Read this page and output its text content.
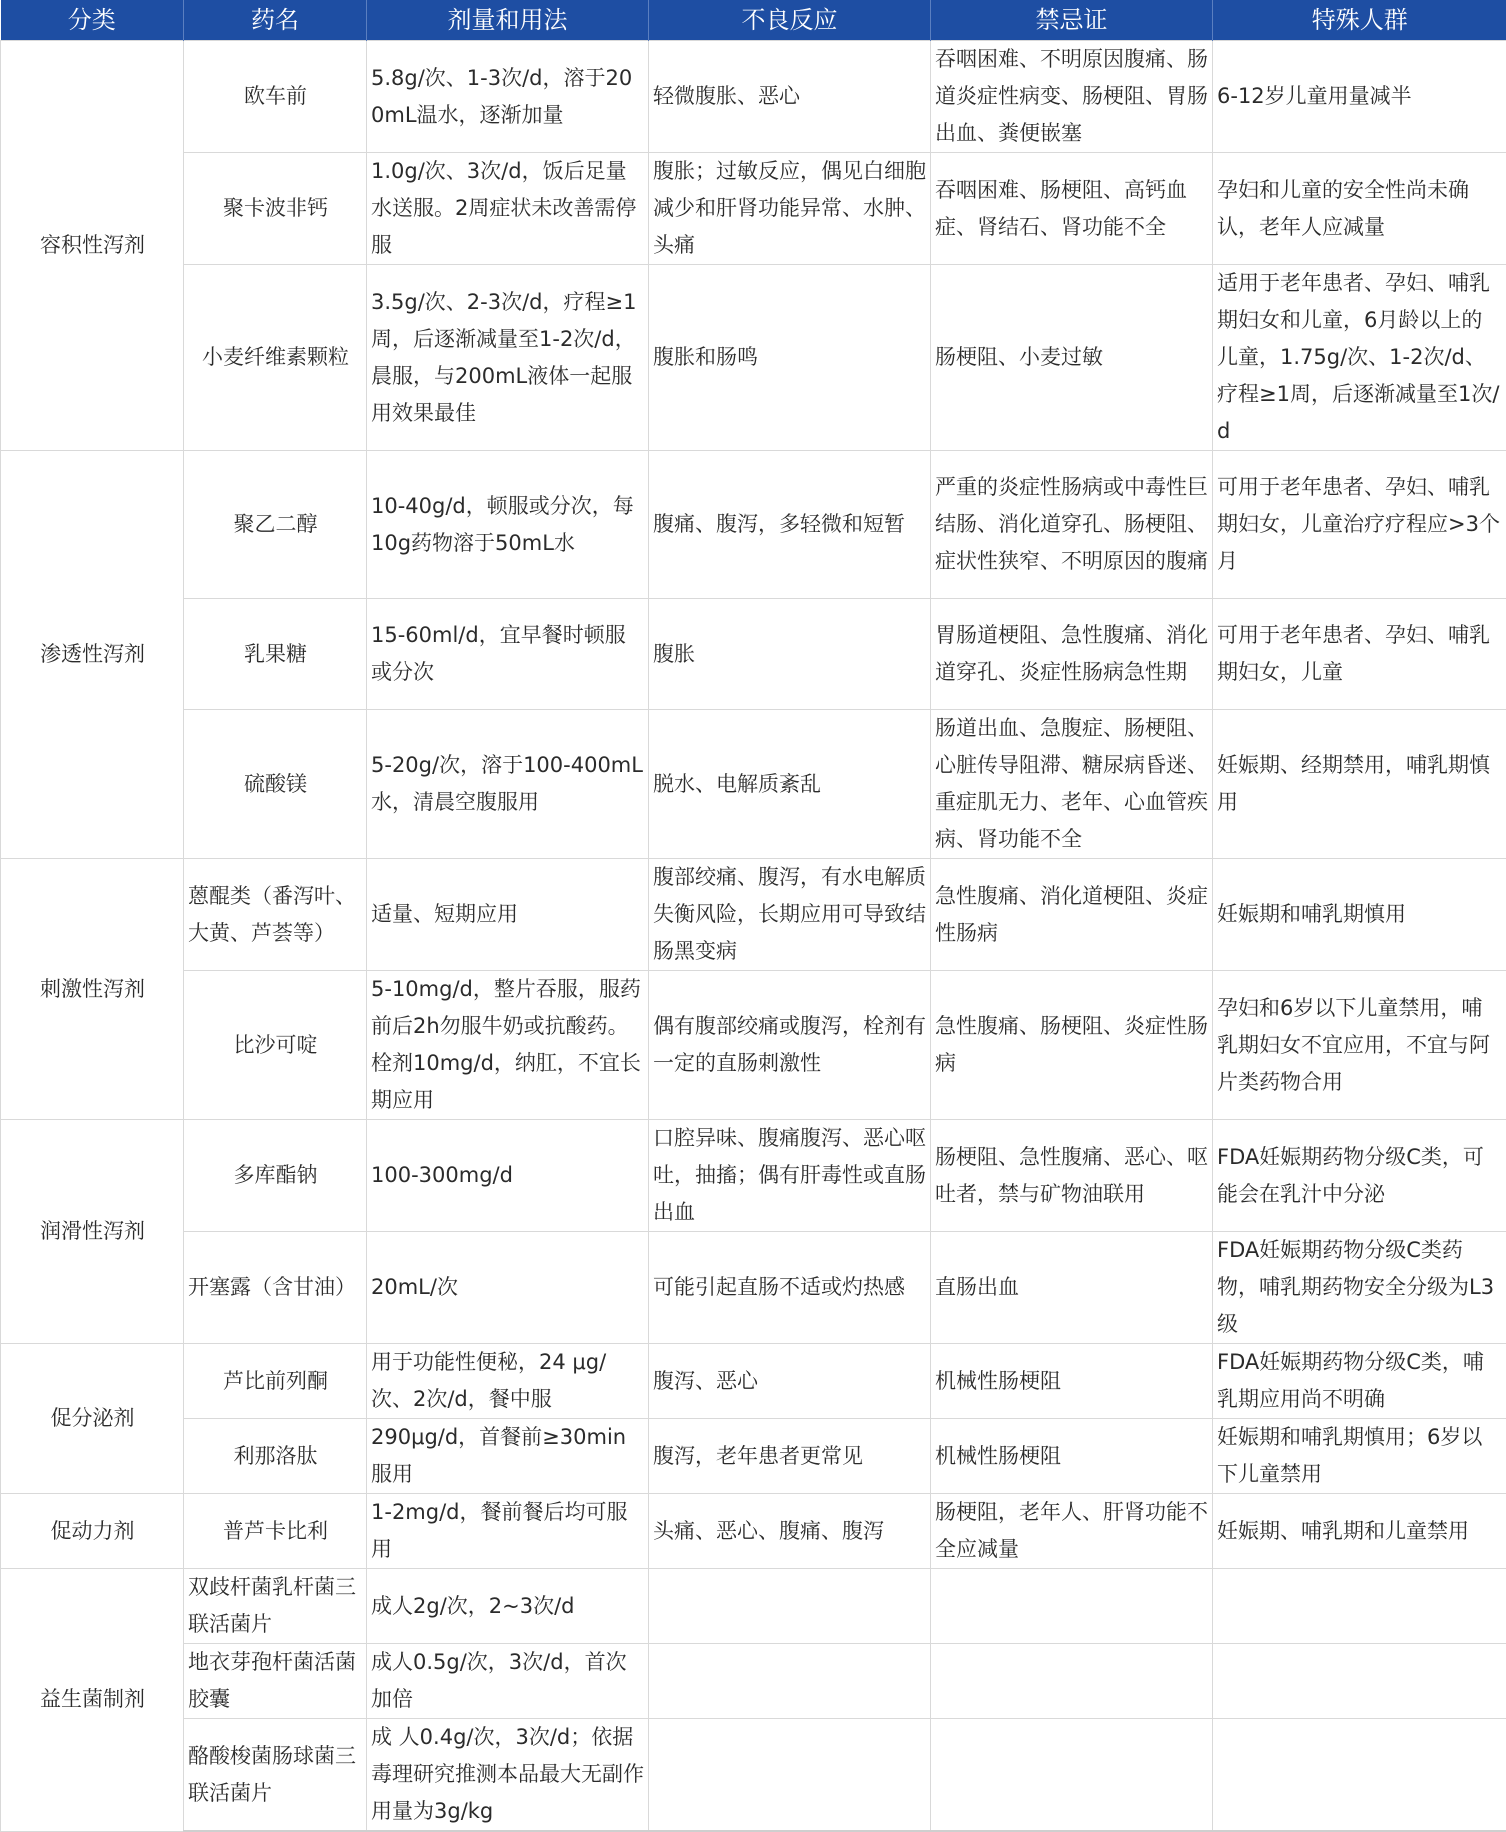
分类	药名	剂量和用法	不良反应	禁忌证	特殊人群
容积性泻剂	欧车前	5.8g/次、1-3次/d，溶于200mL温水，逐渐加量	轻微腹胀、恶心	吞咽困难、不明原因腹痛、肠道炎症性病变、肠梗阻、胃肠出血、粪便嵌塞	6-12岁儿童用量减半
	聚卡波非钙	1.0g/次、3次/d，饭后足量水送服。2周症状未改善需停服	腹胀；过敏反应，偶见白细胞减少和肝肾功能异常、水肿、头痛	吞咽困难、肠梗阻、高钙血症、肾结石、肾功能不全	孕妇和儿童的安全性尚未确认，老年人应减量
	小麦纤维素颗粒	3.5g/次、2-3次/d，疗程≥1周，后逐渐减量至1-2次/d，晨服，与200mL液体一起服用效果最佳	腹胀和肠鸣	肠梗阻、小麦过敏	适用于老年患者、孕妇、哺乳期妇女和儿童，6月龄以上的儿童，1.75g/次、1-2次/d、疗程≥1周，后逐渐减量至1次/d
渗透性泻剂	聚乙二醇	10-40g/d，顿服或分次，每10g药物溶于50mL水	腹痛、腹泻，多轻微和短暂	严重的炎症性肠病或中毒性巨结肠、消化道穿孔、肠梗阻、症状性狭窄、不明原因的腹痛	可用于老年患者、孕妇、哺乳期妇女，儿童治疗疗程应>3个月
	乳果糖	15-60ml/d，宜早餐时顿服或分次	腹胀	胃肠道梗阻、急性腹痛、消化道穿孔、炎症性肠病急性期	可用于老年患者、孕妇、哺乳期妇女，儿童
	硫酸镁	5-20g/次，溶于100-400mL水，清晨空腹服用	脱水、电解质紊乱	肠道出血、急腹症、肠梗阻、心脏传导阻滞、糖尿病昏迷、重症肌无力、老年、心血管疾病、肾功能不全	妊娠期、经期禁用，哺乳期慎用
刺激性泻剂	蒽醌类（番泻叶、大黄、芦荟等）	适量、短期应用	腹部绞痛、腹泻，有水电解质失衡风险，长期应用可导致结肠黑变病	急性腹痛、消化道梗阻、炎症性肠病	妊娠期和哺乳期慎用
	比沙可啶	5-10mg/d，整片吞服，服药前后2h勿服牛奶或抗酸药。栓剂10mg/d，纳肛，不宜长期应用	偶有腹部绞痛或腹泻，栓剂有一定的直肠刺激性	急性腹痛、肠梗阻、炎症性肠病	孕妇和6岁以下儿童禁用，哺乳期妇女不宜应用，不宜与阿片类药物合用
润滑性泻剂	多库酯钠	100-300mg/d	口腔异味、腹痛腹泻、恶心呕吐，抽搐；偶有肝毒性或直肠出血	肠梗阻、急性腹痛、恶心、呕吐者，禁与矿物油联用	FDA妊娠期药物分级C类，可能会在乳汁中分泌
	开塞露（含甘油）	20mL/次	可能引起直肠不适或灼热感	直肠出血	FDA妊娠期药物分级C类药物，哺乳期药物安全分级为L3级
促分泌剂	芦比前列酮	用于功能性便秘，24 μg/次、2次/d，餐中服	腹泻、恶心	机械性肠梗阻	FDA妊娠期药物分级C类，哺乳期应用尚不明确
	利那洛肽	290μg/d，首餐前≥30min服用	腹泻，老年患者更常见	机械性肠梗阻	妊娠期和哺乳期慎用；6岁以下儿童禁用
促动力剂	普芦卡比利	1-2mg/d，餐前餐后均可服用	头痛、恶心、腹痛、腹泻	肠梗阻，老年人、肝肾功能不全应减量	妊娠期、哺乳期和儿童禁用
益生菌制剂	双歧杆菌乳杆菌三联活菌片	成人2g/次，2~3次/d			
	地衣芽孢杆菌活菌胶囊	成人0.5g/次，3次/d，首次加倍			
	酪酸梭菌肠球菌三联活菌片	成 人0.4g/次，3次/d；依据毒理研究推测本品最大无副作用量为3g/kg			
